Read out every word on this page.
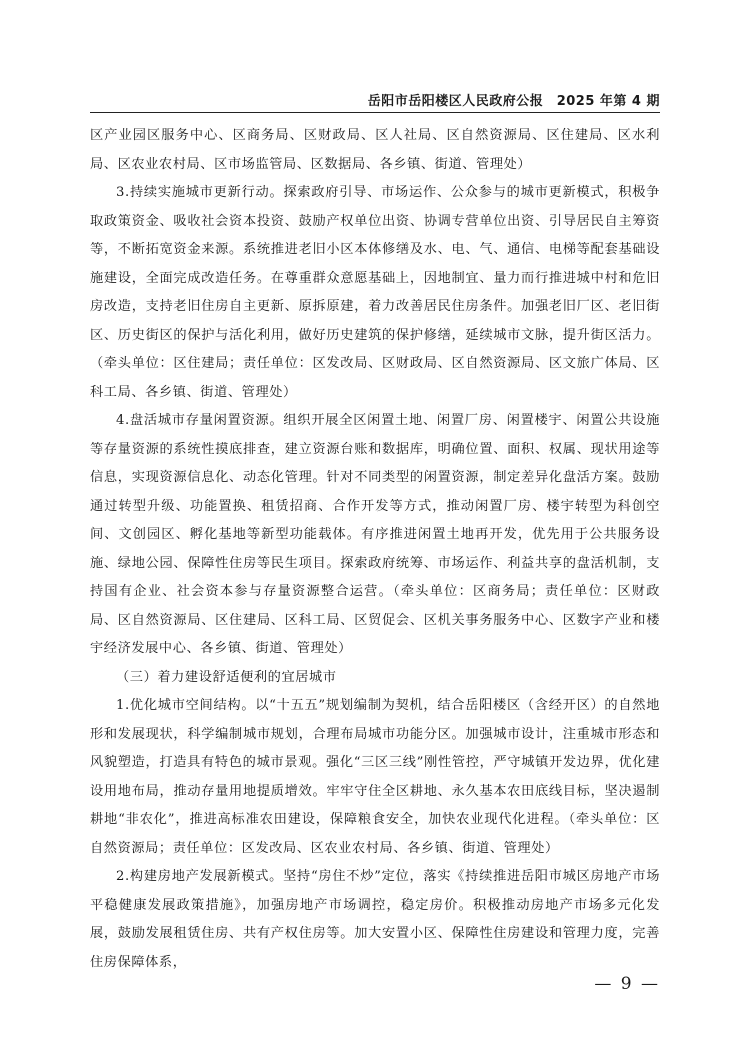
岳阳市岳阳楼区人民政府公报　2025 年第 4 期

区产业园区服务中心、区商务局、区财政局、区人社局、区自然资源局、区住建局、区水利局、区农业农村局、区市场监管局、区数据局、各乡镇、街道、管理处）

3.持续实施城市更新行动。探索政府引导、市场运作、公众参与的城市更新模式，积极争取政策资金、吸收社会资本投资、鼓励产权单位出资、协调专营单位出资、引导居民自主筹资等，不断拓宽资金来源。系统推进老旧小区本体修缮及水、电、气、通信、电梯等配套基础设施建设，全面完成改造任务。在尊重群众意愿基础上，因地制宜、量力而行推进城中村和危旧房改造，支持老旧住房自主更新、原拆原建，着力改善居民住房条件。加强老旧厂区、老旧街区、历史街区的保护与活化利用，做好历史建筑的保护修缮，延续城市文脉，提升街区活力。（牵头单位：区住建局；责任单位：区发改局、区财政局、区自然资源局、区文旅广体局、区科工局、各乡镇、街道、管理处）

4.盘活城市存量闲置资源。组织开展全区闲置土地、闲置厂房、闲置楼宇、闲置公共设施等存量资源的系统性摸底排查，建立资源台账和数据库，明确位置、面积、权属、现状用途等信息，实现资源信息化、动态化管理。针对不同类型的闲置资源，制定差异化盘活方案。鼓励通过转型升级、功能置换、租赁招商、合作开发等方式，推动闲置厂房、楼宇转型为科创空间、文创园区、孵化基地等新型功能载体。有序推进闲置土地再开发，优先用于公共服务设施、绿地公园、保障性住房等民生项目。探索政府统筹、市场运作、利益共享的盘活机制，支持国有企业、社会资本参与存量资源整合运营。（牵头单位：区商务局；责任单位：区财政局、区自然资源局、区住建局、区科工局、区贸促会、区机关事务服务中心、区数字产业和楼宇经济发展中心、各乡镇、街道、管理处）

（三）着力建设舒适便利的宜居城市

1.优化城市空间结构。以“十五五”规划编制为契机，结合岳阳楼区（含经开区）的自然地形和发展现状，科学编制城市规划，合理布局城市功能分区。加强城市设计，注重城市形态和风貌塑造，打造具有特色的城市景观。强化“三区三线”刚性管控，严守城镇开发边界，优化建设用地布局，推动存量用地提质增效。牢牢守住全区耕地、永久基本农田底线目标，坚决遏制耕地“非农化”，推进高标准农田建设，保障粮食安全，加快农业现代化进程。（牵头单位：区自然资源局；责任单位：区发改局、区农业农村局、各乡镇、街道、管理处）

2.构建房地产发展新模式。坚持“房住不炒”定位，落实《持续推进岳阳市城区房地产市场平稳健康发展政策措施》，加强房地产市场调控，稳定房价。积极推动房地产市场多元化发展，鼓励发展租赁住房、共有产权住房等。加大安置小区、保障性住房建设和管理力度，完善住房保障体系，

— 9 —
